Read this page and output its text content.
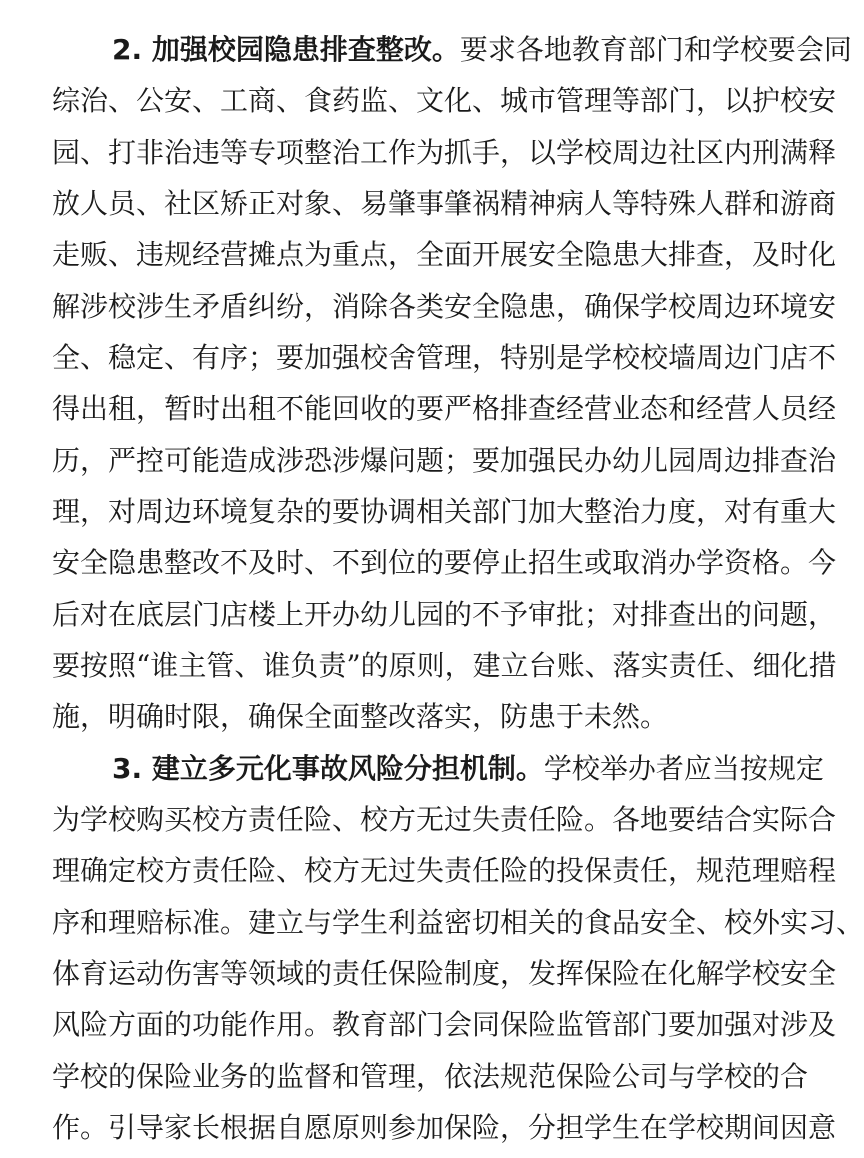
2. 加强校园隐患排查整改。要求各地教育部门和学校要会同
综治、公安、工商、食药监、文化、城市管理等部门，以护校安
园、打非治违等专项整治工作为抓手，以学校周边社区内刑满释
放人员、社区矫正对象、易肇事肇祸精神病人等特殊人群和游商
走贩、违规经营摊点为重点，全面开展安全隐患大排查，及时化
解涉校涉生矛盾纠纷，消除各类安全隐患，确保学校周边环境安
全、稳定、有序；要加强校舍管理，特别是学校校墙周边门店不
得出租，暂时出租不能回收的要严格排查经营业态和经营人员经
历，严控可能造成涉恐涉爆问题；要加强民办幼儿园周边排查治
理，对周边环境复杂的要协调相关部门加大整治力度，对有重大
安全隐患整改不及时、不到位的要停止招生或取消办学资格。今
后对在底层门店楼上开办幼儿园的不予审批；对排查出的问题，
要按照“谁主管、谁负责”的原则，建立台账、落实责任、细化措
施，明确时限，确保全面整改落实，防患于未然。
3. 建立多元化事故风险分担机制。学校举办者应当按规定
为学校购买校方责任险、校方无过失责任险。各地要结合实际合
理确定校方责任险、校方无过失责任险的投保责任，规范理赔程
序和理赔标准。建立与学生利益密切相关的食品安全、校外实习、
体育运动伤害等领域的责任保险制度，发挥保险在化解学校安全
风险方面的功能作用。教育部门会同保险监管部门要加强对涉及
学校的保险业务的监督和管理，依法规范保险公司与学校的合
作。引导家长根据自愿原则参加保险，分担学生在学校期间因意
